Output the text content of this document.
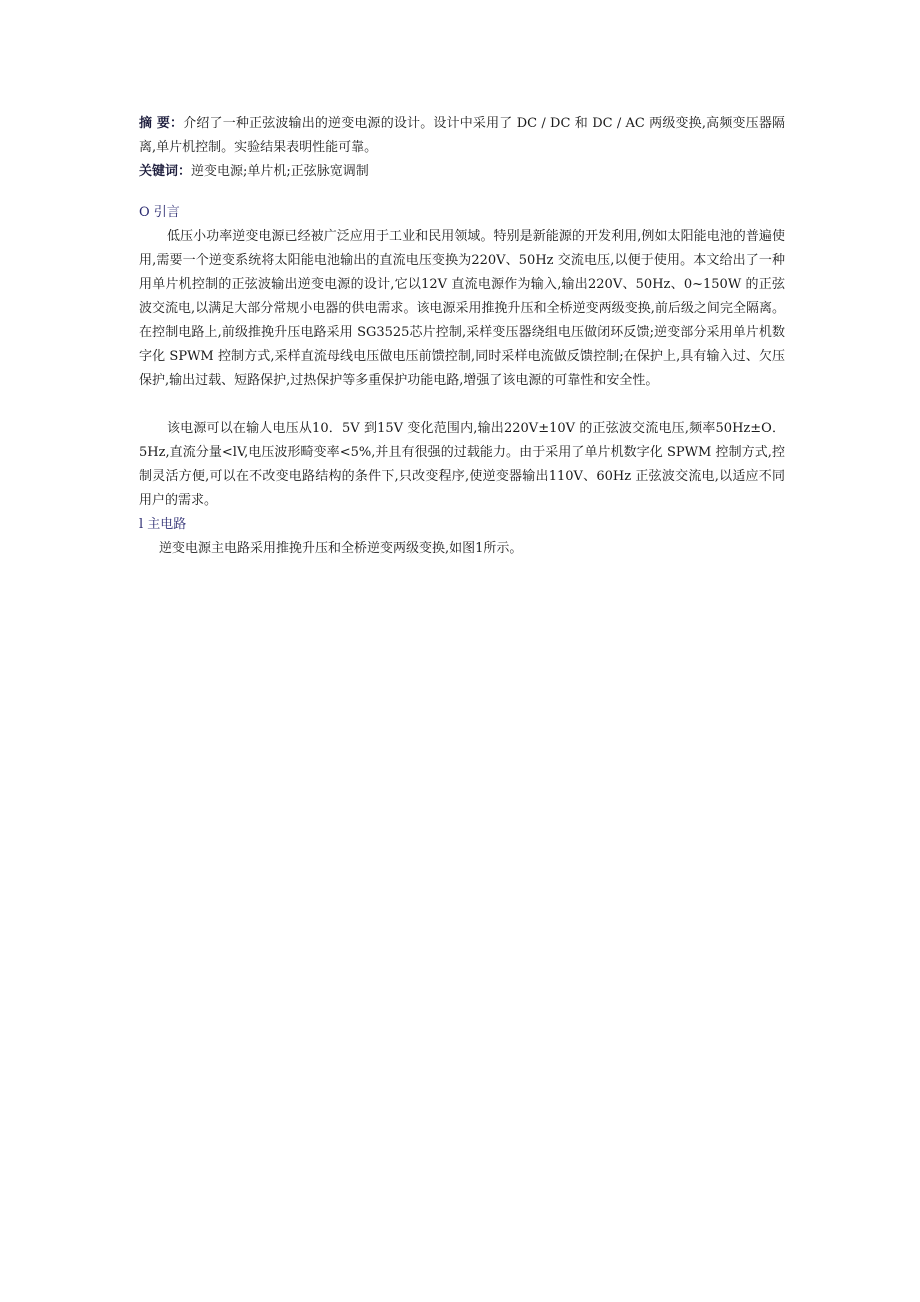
摘 要：介绍了一种正弦波输出的逆变电源的设计。设计中采用了 DC / DC 和 DC / AC 两级变换,高频变压器隔离,单片机控制。实验结果表明性能可靠。

关键词：逆变电源;单片机;正弦脉宽调制

O 引言

低压小功率逆变电源已经被广泛应用于工业和民用领域。特别是新能源的开发利用,例如太阳能电池的普遍使用,需要一个逆变系统将太阳能电池输出的直流电压变换为220V、50Hz 交流电压,以便于使用。本文给出了一种用单片机控制的正弦波输出逆变电源的设计,它以12V 直流电源作为输入,输出220V、50Hz、0~150W 的正弦波交流电,以满足大部分常规小电器的供电需求。该电源采用推挽升压和全桥逆变两级变换,前后级之间完全隔离。在控制电路上,前级推挽升压电路采用 SG3525芯片控制,采样变压器绕组电压做闭环反馈;逆变部分采用单片机数字化 SPWM 控制方式,采样直流母线电压做电压前馈控制,同时采样电流做反馈控制;在保护上,具有输入过、欠压保护,输出过载、短路保护,过热保护等多重保护功能电路,增强了该电源的可靠性和安全性。

该电源可以在输人电压从10．5V 到15V 变化范围内,输出220V±10V 的正弦波交流电压,频率50Hz±O．5Hz,直流分量<lV,电压波形畸变率<5%,并且有很强的过载能力。由于采用了单片机数字化 SPWM 控制方式,控制灵活方便,可以在不改变电路结构的条件下,只改变程序,使逆变器输出110V、60Hz 正弦波交流电,以适应不同用户的需求。

l 主电路

逆变电源主电路采用推挽升压和全桥逆变两级变换,如图1所示。
